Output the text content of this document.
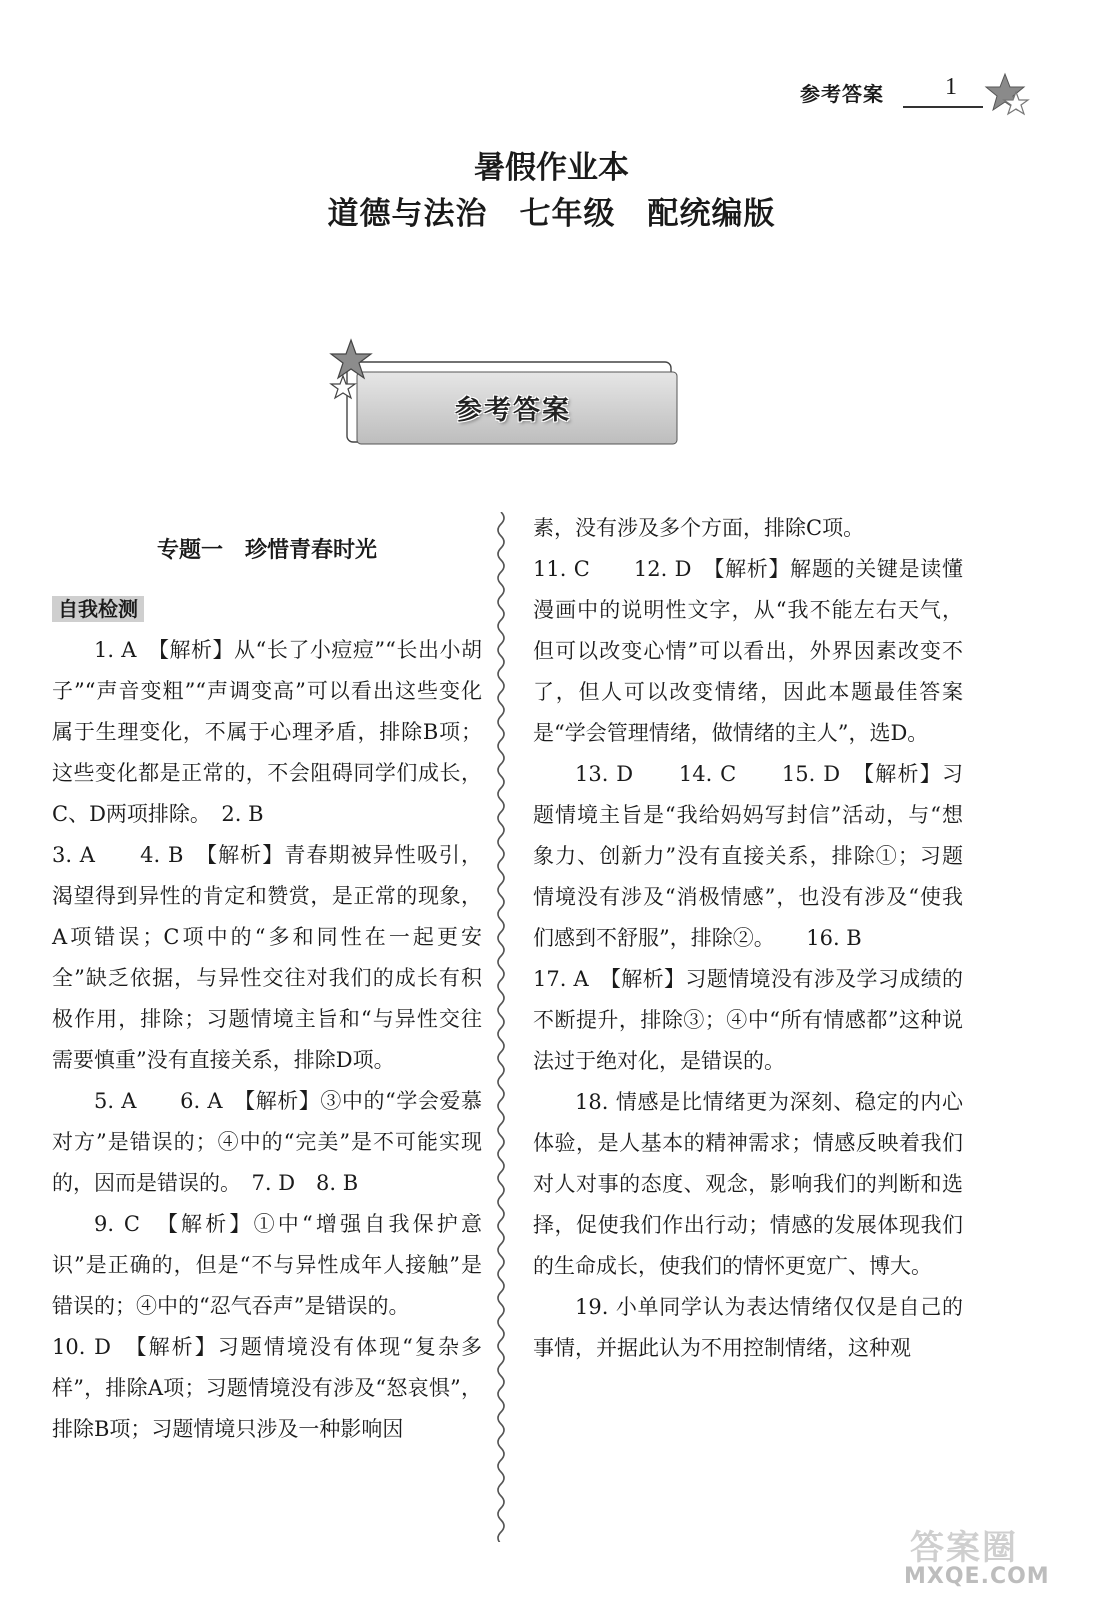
参考答案	1
暑假作业本
道德与法治　七年级　配统编版
参考答案
专题一　珍惜青春时光
自我检测

1. A　【解析】从“长了小痘痘”“长出小胡子”“声音变粗”“声调变高”可以看出这些变化属于生理变化，不属于心理矛盾，排除B项；这些变化都是正常的，不会阻碍同学们成长，C、D两项排除。　2. B

3. A　　4. B　【解析】青春期被异性吸引，渴望得到异性的肯定和赞赏，是正常的现象，A项错误；C项中的“多和同性在一起更安全”缺乏依据，与异性交往对我们的成长有积极作用，排除；习题情境主旨和“与异性交往需要慎重”没有直接关系，排除D项。

5. A　　6. A　【解析】③中的“学会爱慕对方”是错误的；④中的“完美”是不可能实现的，因而是错误的。　7. D　8. B

9. C　【解析】①中“增强自我保护意识”是正确的，但是“不与异性成年人接触”是错误的；④中的“忍气吞声”是错误的。

10. D　【解析】习题情境没有体现“复杂多样”，排除A项；习题情境没有涉及“怒哀惧”，排除B项；习题情境只涉及一种影响因

素，没有涉及多个方面，排除C项。

11. C　　12. D　【解析】解题的关键是读懂漫画中的说明性文字，从“我不能左右天气，但可以改变心情”可以看出，外界因素改变不了，但人可以改变情绪，因此本题最佳答案是“学会管理情绪，做情绪的主人”，选D。

13. D　　14. C　　15. D　【解析】习题情境主旨是“我给妈妈写封信”活动，与“想象力、创新力”没有直接关系，排除①；习题情境没有涉及“消极情感”，也没有涉及“使我们感到不舒服”，排除②。　　16. B

17. A　【解析】习题情境没有涉及学习成绩的不断提升，排除③；④中“所有情感都”这种说法过于绝对化，是错误的。

18. 情感是比情绪更为深刻、稳定的内心体验，是人基本的精神需求；情感反映着我们对人对事的态度、观念，影响我们的判断和选择，促使我们作出行动；情感的发展体现我们的生命成长，使我们的情怀更宽广、博大。

19. 小单同学认为表达情绪仅仅是自己的事情，并据此认为不用控制情绪，这种观

答案圈
MXQE.COM
